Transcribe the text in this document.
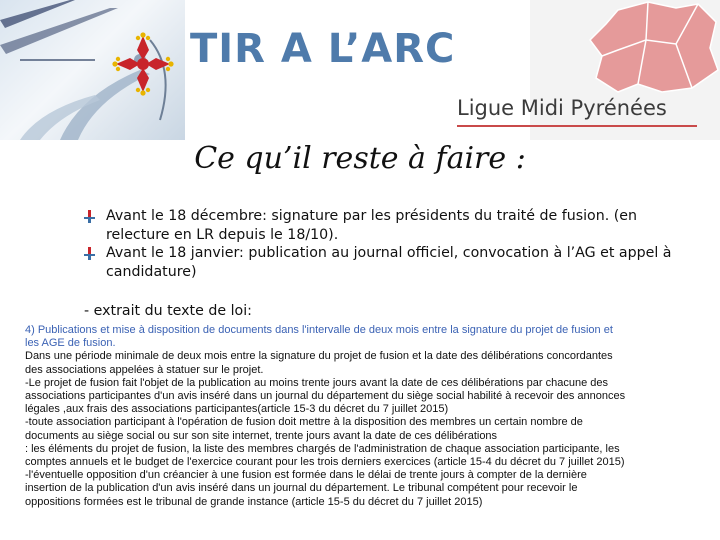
TIR A L’ARC
Ligue Midi Pyrénées
Ce qu’il reste à faire :
Avant le 18 décembre: signature par les présidents du traité de fusion. (en relecture en LR depuis le 18/10).
Avant le 18 janvier: publication au journal officiel, convocation à l’AG et appel à candidature)
- extrait du texte de loi:
4) Publications et mise à disposition de documents dans l'intervalle de deux mois entre la signature du projet de fusion et
les AGE de fusion.
Dans une période minimale de deux mois entre la signature du projet de fusion et la date des délibérations concordantes
des associations appelées à statuer sur le projet.
-Le projet de fusion fait l'objet de la publication au moins trente jours avant la date de ces délibérations par chacune des
associations participantes d'un avis inséré dans un journal du département du siège social habilité à recevoir des annonces
légales ,aux frais des associations participantes(article 15-3 du décret du 7 juillet 2015)
-toute association participant à l'opération de fusion doit mettre à la disposition des membres un certain nombre de
documents au siège social ou sur son site internet, trente jours avant la date de ces délibérations
: les éléments du projet de fusion, la liste des membres chargés de l'administration de chaque association participante, les
comptes annuels et le budget de l'exercice courant pour les trois derniers exercices (article 15-4 du décret du 7 juillet 2015)
-l'éventuelle opposition d'un créancier à une fusion est formée dans le délai de trente jours à compter de la dernière
insertion de la publication d'un avis inséré dans un journal du département. Le tribunal compétent pour recevoir le
oppositions formées est le tribunal de grande instance (article 15-5 du décret du 7 juillet 2015)
